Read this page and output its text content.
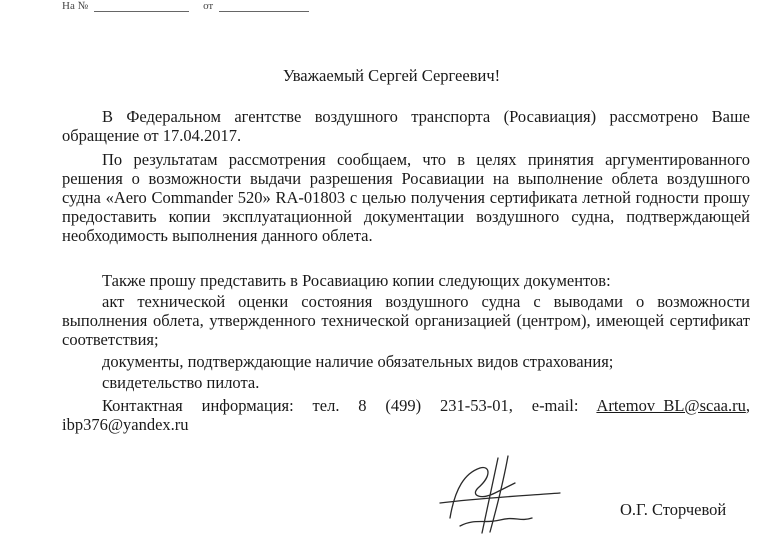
На №	от
Уважаемый Сергей Сергеевич!
В Федеральном агентстве воздушного транспорта (Росавиация) рассмотрено Ваше обращение от 17.04.2017.
По результатам рассмотрения сообщаем, что в целях принятия аргументированного решения о возможности выдачи разрешения Росавиации на выполнение облета воздушного судна «Aero Commander 520» RA-01803 с целью получения сертификата летной годности прошу предоставить копии эксплуатационной документации воздушного судна, подтверждающей необходимость выполнения данного облета.
Также прошу представить в Росавиацию копии следующих документов:
акт технической оценки состояния воздушного судна с выводами о возможности выполнения облета, утвержденного технической организацией (центром), имеющей сертификат соответствия;
документы, подтверждающие наличие обязательных видов страхования;
свидетельство пилота.
Контактная информация: тел. 8 (499) 231-53-01, e-mail: Artemov_BL@scaa.ru, ibp376@yandex.ru
О.Г. Сторчевой
